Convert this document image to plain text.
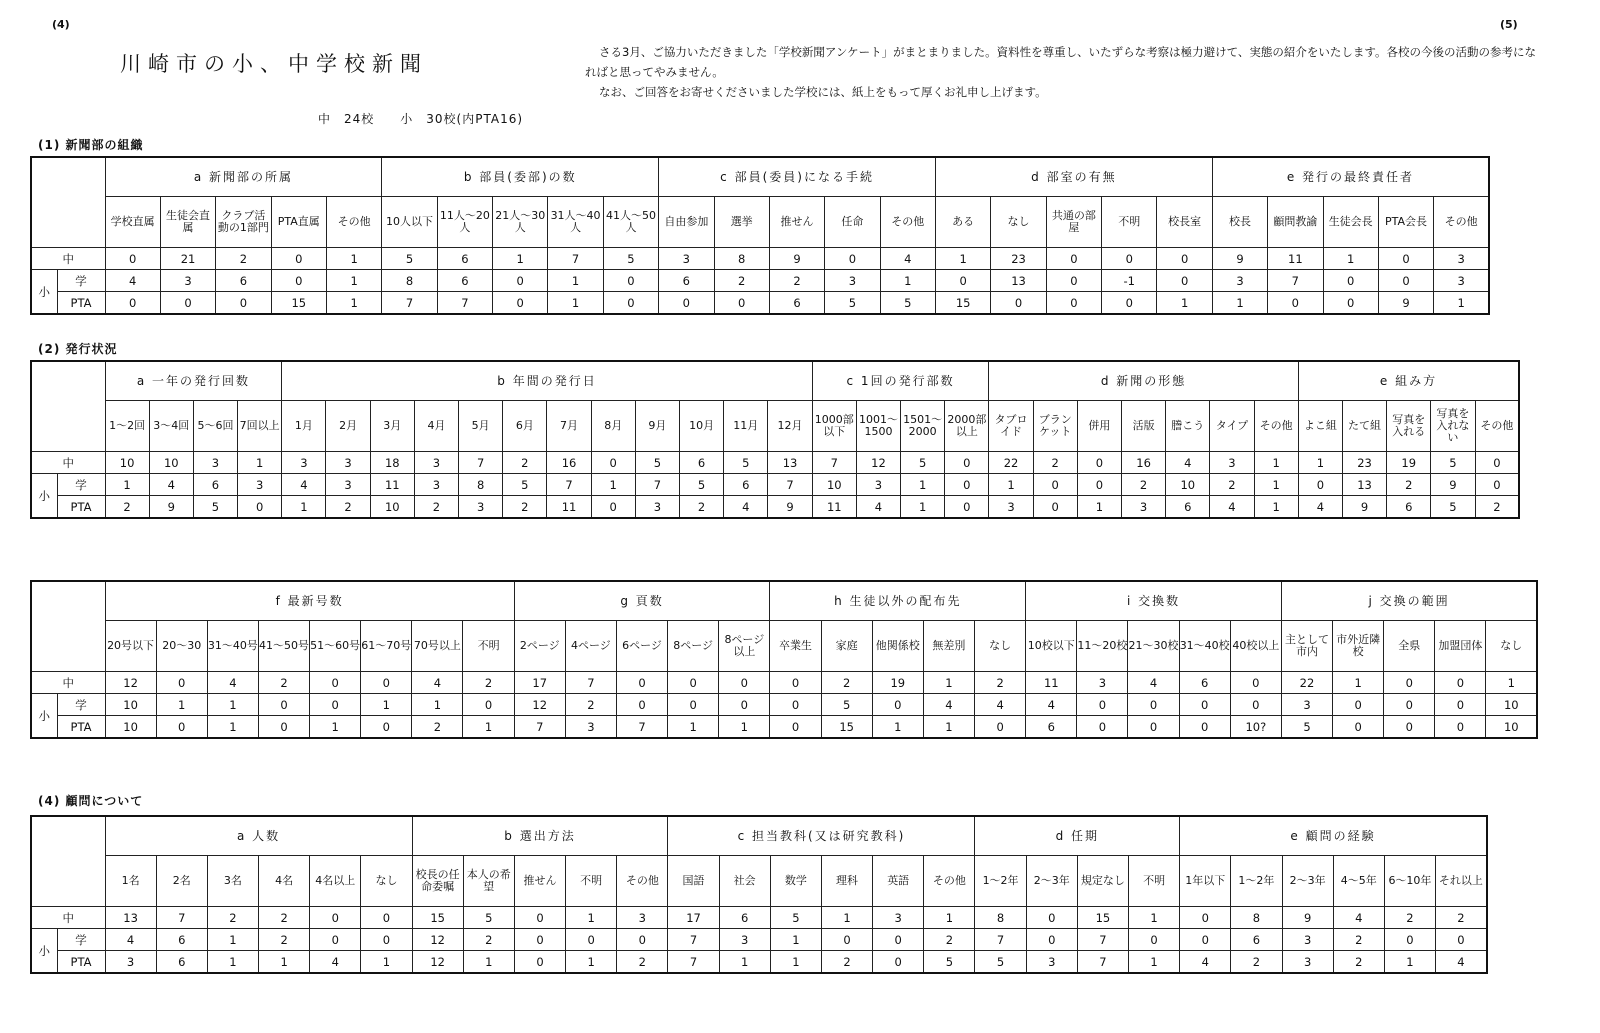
(4)	(5)
川崎市の小、中学校新聞
中　24校　　小　30校(内PTA16)
さる3月、ご協力いただきました「学校新聞アンケート」がまとまりました。資料性を尊重し、いたずらな考察は極力避けて、実態の紹介をいたします。各校の今後の活動の参考になればと思ってやみません。
なお、ご回答をお寄せくださいました学校には、紙上をもって厚くお礼申し上げます。
(1) 新聞部の組織
(2) 発行状況
(4) 顧問について
		a 新聞部の所属					b 部員(委部)の数					c 部員(委員)になる手続					d 部室の有無					e 発行の最終責任者				
		学校直属	生徒会直属	クラブ活動の1部門	PTA直属	その他	10人以下	11人〜20人	21人〜30人	31人〜40人	41人〜50人	自由参加	選挙	推せん	任命	その他	ある	なし	共通の部屋	不明	校長室	校長	顧問教諭	生徒会長	PTA会長	その他
中		0	21	2	0	1	5	6	1	7	5	3	8	9	0	4	1	23	0	0	0	9	11	1	0	3
小	学	4	3	6	0	1	8	6	0	1	0	6	2	2	3	1	0	13	0	-1	0	3	7	0	0	3
	PTA	0	0	0	15	1	7	7	0	1	0	0	0	6	5	5	15	0	0	0	1	1	0	0	9	1
		a 一年の発行回数				b 年間の発行日												c 1回の発行部数				d 新聞の形態							e 組み方				
		1〜2回	3〜4回	5〜6回	7回以上	1月	2月	3月	4月	5月	6月	7月	8月	9月	10月	11月	12月	1000部以下	1001〜1500	1501〜2000	2000部以上	タブロイド	ブランケット	併用	活版	謄こう	タイプ	その他	よこ組	たて組	写真を入れる	写真を入れない	その他
中		10	10	3	1	3	3	18	3	7	2	16	0	5	6	5	13	7	12	5	0	22	2	0	16	4	3	1	1	23	19	5	0
小	学	1	4	6	3	4	3	11	3	8	5	7	1	7	5	6	7	10	3	1	0	1	0	0	2	10	2	1	0	13	2	9	0
	PTA	2	9	5	0	1	2	10	2	3	2	11	0	3	2	4	9	11	4	1	0	3	0	1	3	6	4	1	4	9	6	5	2
		f 最新号数								g 頁数					h 生徒以外の配布先					i 交換数					j 交換の範囲				
		20号以下	20〜30	31〜40号	41〜50号	51〜60号	61〜70号	70号以上	不明	2ページ	4ページ	6ページ	8ページ	8ページ以上	卒業生	家庭	他関係校	無差別	なし	10校以下	11〜20校	21〜30校	31〜40校	40校以上	主として市内	市外近隣校	全県	加盟団体	なし
中		12	0	4	2	0	0	4	2	17	7	0	0	0	0	2	19	1	2	11	3	4	6	0	22	1	0	0	1
小	学	10	1	1	0	0	1	1	0	12	2	0	0	0	0	5	0	4	4	4	0	0	0	0	3	0	0	0	10
	PTA	10	0	1	0	1	0	2	1	7	3	7	1	1	0	15	1	1	0	6	0	0	0	10?	5	0	0	0	10
		a 人数						b 選出方法					c 担当教科(又は研究教科)						d 任期				e 顧問の経験					
		1名	2名	3名	4名	4名以上	なし	校長の任命委嘱	本人の希望	推せん	不明	その他	国語	社会	数学	理科	英語	その他	1〜2年	2〜3年	規定なし	不明	1年以下	1〜2年	2〜3年	4〜5年	6〜10年	それ以上
中		13	7	2	2	0	0	15	5	0	1	3	17	6	5	1	3	1	8	0	15	1	0	8	9	4	2	2
小	学	4	6	1	2	0	0	12	2	0	0	0	7	3	1	0	0	2	7	0	7	0	0	6	3	2	0	0
	PTA	3	6	1	1	4	1	12	1	0	1	2	7	1	1	2	0	5	5	3	7	1	4	2	3	2	1	4
